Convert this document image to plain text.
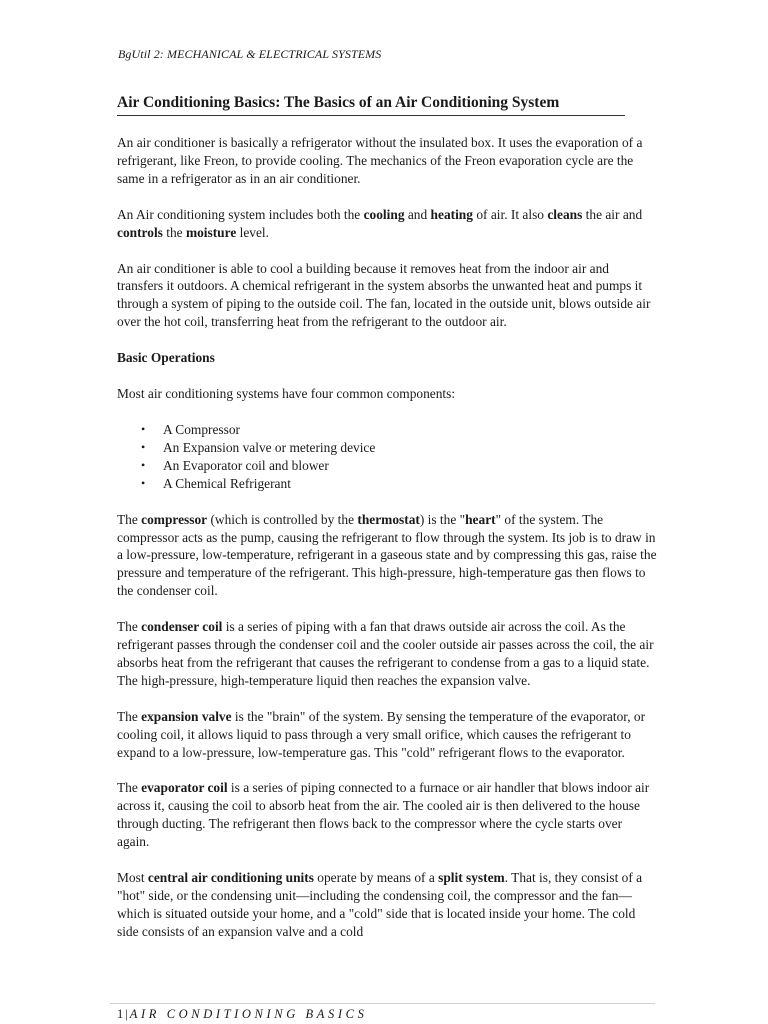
BgUtil 2: MECHANICAL & ELECTRICAL SYSTEMS
Air Conditioning Basics: The Basics of an Air Conditioning System

An air conditioner is basically a refrigerator without the insulated box. It uses the evaporation of a refrigerant, like Freon, to provide cooling. The mechanics of the Freon evaporation cycle are the same in a refrigerator as in an air conditioner.

An Air conditioning system includes both the cooling and heating of air. It also cleans the air and controls the moisture level.

An air conditioner is able to cool a building because it removes heat from the indoor air and transfers it outdoors. A chemical refrigerant in the system absorbs the unwanted heat and pumps it through a system of piping to the outside coil. The fan, located in the outside unit, blows outside air over the hot coil, transferring heat from the refrigerant to the outdoor air.

Basic Operations

Most air conditioning systems have four common components:

• A Compressor
• An Expansion valve or metering device
• An Evaporator coil and blower
• A Chemical Refrigerant

The compressor (which is controlled by the thermostat) is the "heart" of the system. The compressor acts as the pump, causing the refrigerant to flow through the system. Its job is to draw in a low-pressure, low-temperature, refrigerant in a gaseous state and by compressing this gas, raise the pressure and temperature of the refrigerant. This high-pressure, high-temperature gas then flows to the condenser coil.

The condenser coil is a series of piping with a fan that draws outside air across the coil. As the refrigerant passes through the condenser coil and the cooler outside air passes across the coil, the air absorbs heat from the refrigerant that causes the refrigerant to condense from a gas to a liquid state. The high-pressure, high-temperature liquid then reaches the expansion valve.

The expansion valve is the "brain" of the system. By sensing the temperature of the evaporator, or cooling coil, it allows liquid to pass through a very small orifice, which causes the refrigerant to expand to a low-pressure, low-temperature gas. This "cold" refrigerant flows to the evaporator.

The evaporator coil is a series of piping connected to a furnace or air handler that blows indoor air across it, causing the coil to absorb heat from the air. The cooled air is then delivered to the house through ducting. The refrigerant then flows back to the compressor where the cycle starts over again.

Most central air conditioning units operate by means of a split system. That is, they consist of a "hot" side, or the condensing unit—including the condensing coil, the compressor and the fan—which is situated outside your home, and a "cold" side that is located inside your home. The cold side consists of an expansion valve and a cold

1 | AIR CONDITIONING BASICS
